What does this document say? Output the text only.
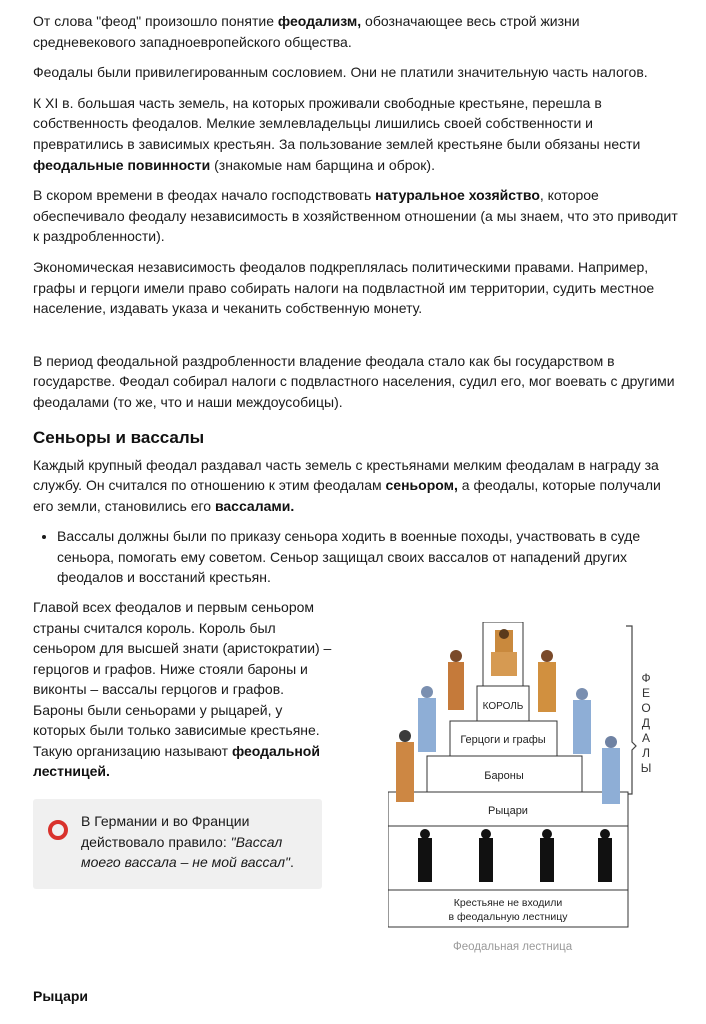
От слова "феод" произошло понятие феодализм, обозначающее весь строй жизни средневекового западноевропейского общества.

Феодалы были привилегированным сословием. Они не платили значительную часть налогов.

К XI в. большая часть земель, на которых проживали свободные крестьяне, перешла в собственность феодалов. Мелкие землевладельцы лишились своей собственности и превратились в зависимых крестьян. За пользование землей крестьяне были обязаны нести феодальные повинности (знакомые нам барщина и оброк).

В скором времени в феодах начало господствовать натуральное хозяйство, которое обеспечивало феодалу независимость в хозяйственном отношении (а мы знаем, что это приводит к раздробленности).

Экономическая независимость феодалов подкреплялась политическими правами. Например, графы и герцоги имели право собирать налоги на подвластной им территории, судить местное население, издавать указа и чеканить собственную монету.

В период феодальной раздробленности владение феодала стало как бы государством в государстве. Феодал собирал налоги с подвластного населения, судил его, мог воевать с другими феодалами (то же, что и наши междоусобицы).

Сеньоры и вассалы

Каждый крупный феодал раздавал часть земель с крестьянами мелким феодалам в награду за службу. Он считался по отношению к этим феодалам сеньором, а феодалы, которые получали его земли, становились его вассалами.

• Вассалы должны были по приказу сеньора ходить в военные походы, участвовать в суде сеньора, помогать ему советом. Сеньор защищал своих вассалов от нападений других феодалов и восстаний крестьян.

Главой всех феодалов и первым сеньором страны считался король. Король был сеньором для высшей знати (аристократии) – герцогов и графов. Ниже стояли бароны и виконты – вассалы герцогов и графов. Бароны были сеньорами у рыцарей, у которых были только зависимые крестьяне. Такую организацию называют феодальной лестницей.

В Германии и во Франции действовало правило: "Вассал моего вассала – не мой вассал".
КОРОЛЬ
Герцоги и графы
Бароны
Рыцари
Крестьяне не входили
в феодальную лестницу
Ф
Е
О
Д
А
Л
Ы
Феодальная лестница
Рыцари
